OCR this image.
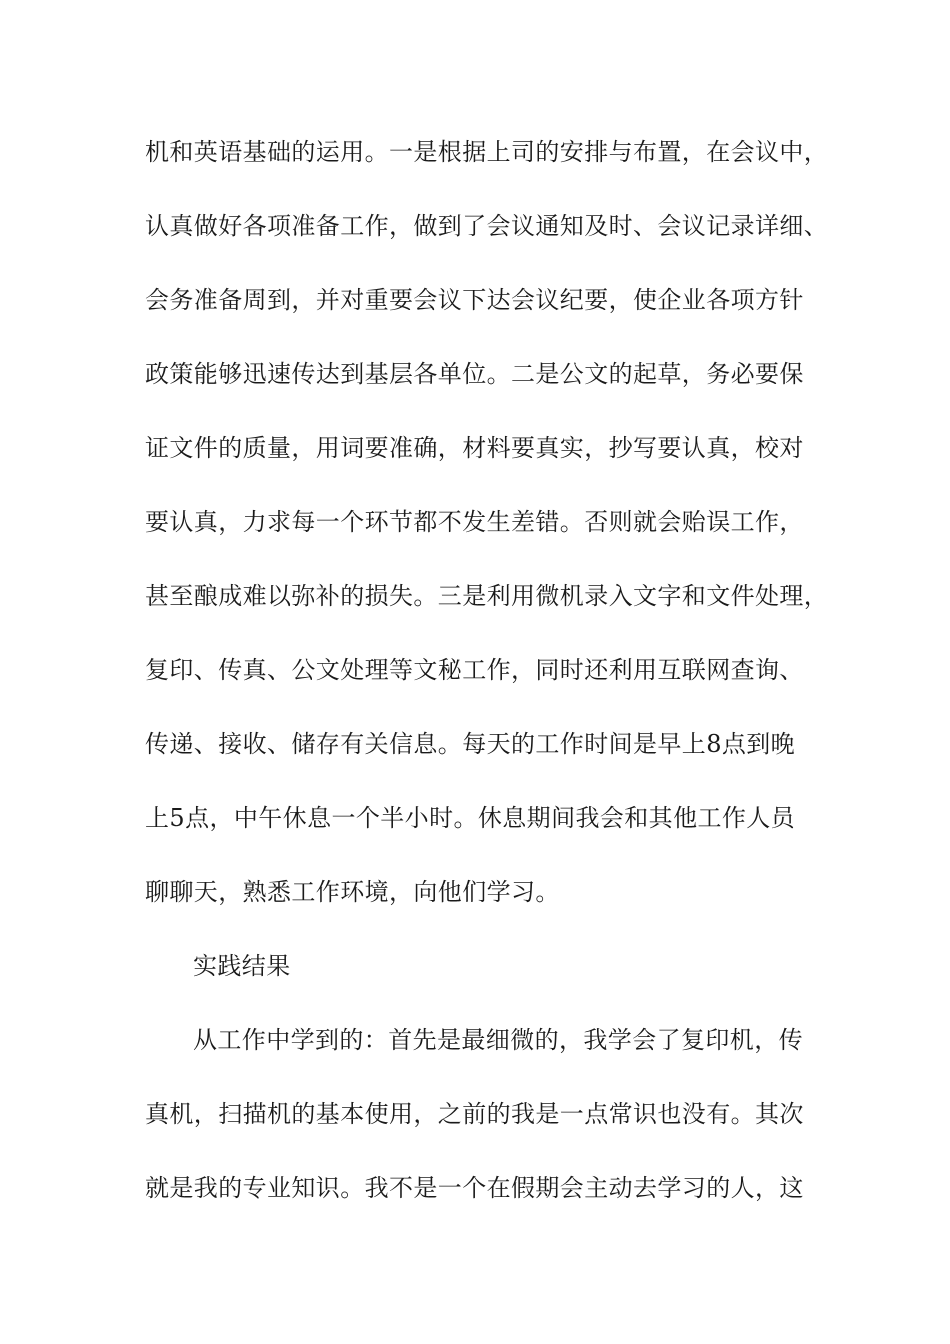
机和英语基础的运用。一是根据上司的安排与布置，在会议中，
认真做好各项准备工作，做到了会议通知及时、会议记录详细、
会务准备周到，并对重要会议下达会议纪要，使企业各项方针
政策能够迅速传达到基层各单位。二是公文的起草，务必要保
证文件的质量，用词要准确，材料要真实，抄写要认真，校对
要认真，力求每一个环节都不发生差错。否则就会贻误工作，
甚至酿成难以弥补的损失。三是利用微机录入文字和文件处理，
复印、传真、公文处理等文秘工作，同时还利用互联网查询、
传递、接收、储存有关信息。每天的工作时间是早上8点到晚
上5点，中午休息一个半小时。休息期间我会和其他工作人员
聊聊天，熟悉工作环境，向他们学习。
实践结果
从工作中学到的：首先是最细微的，我学会了复印机，传
真机，扫描机的基本使用，之前的我是一点常识也没有。其次
就是我的专业知识。我不是一个在假期会主动去学习的人，这
